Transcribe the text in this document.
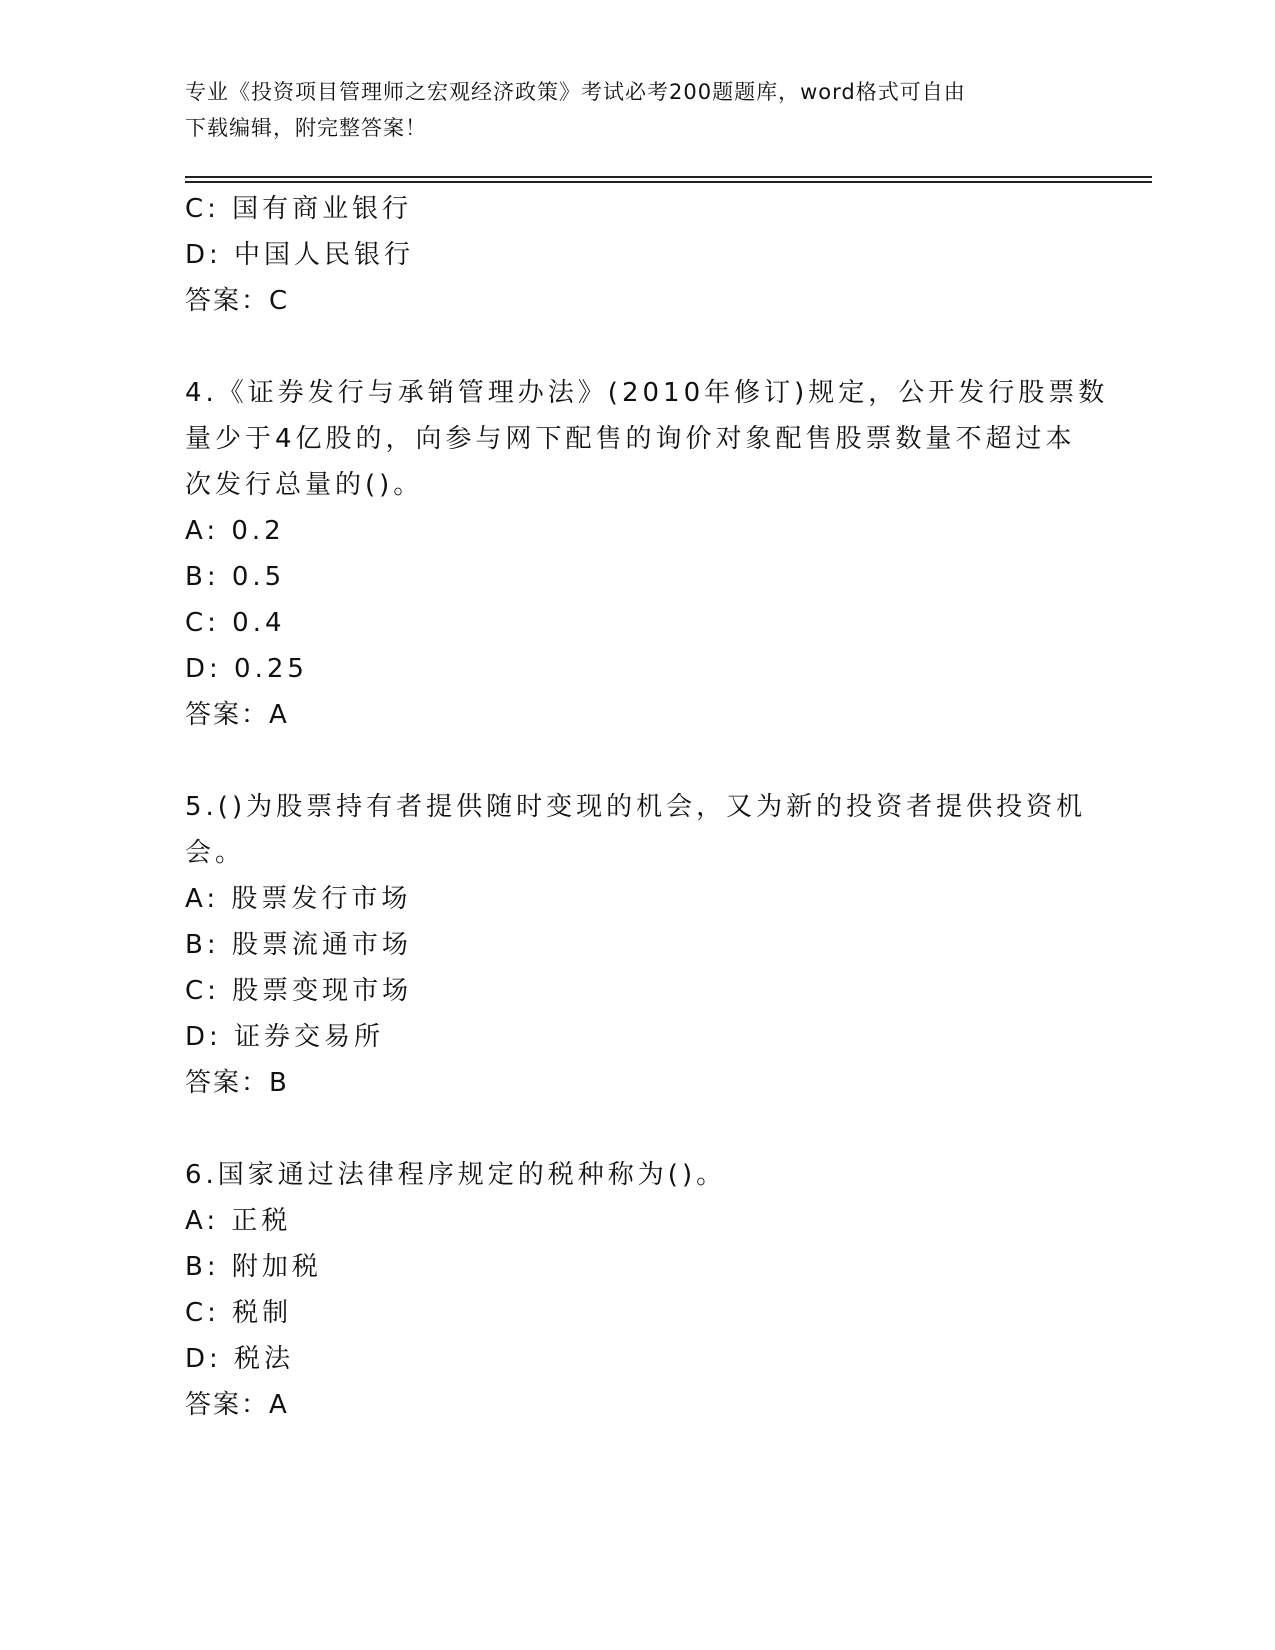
专业《投资项目管理师之宏观经济政策》考试必考200题题库，word格式可自由
下载编辑，附完整答案！
C: 国有商业银行
D: 中国人民银行
答案：C
4.《证券发行与承销管理办法》(2010年修订)规定，公开发行股票数
量少于4亿股的，向参与网下配售的询价对象配售股票数量不超过本
次发行总量的()。
A: 0.2
B: 0.5
C: 0.4
D: 0.25
答案：A
5.()为股票持有者提供随时变现的机会，又为新的投资者提供投资机
会。
A: 股票发行市场
B: 股票流通市场
C: 股票变现市场
D: 证券交易所
答案：B
6.国家通过法律程序规定的税种称为()。
A: 正税
B: 附加税
C: 税制
D: 税法
答案：A
